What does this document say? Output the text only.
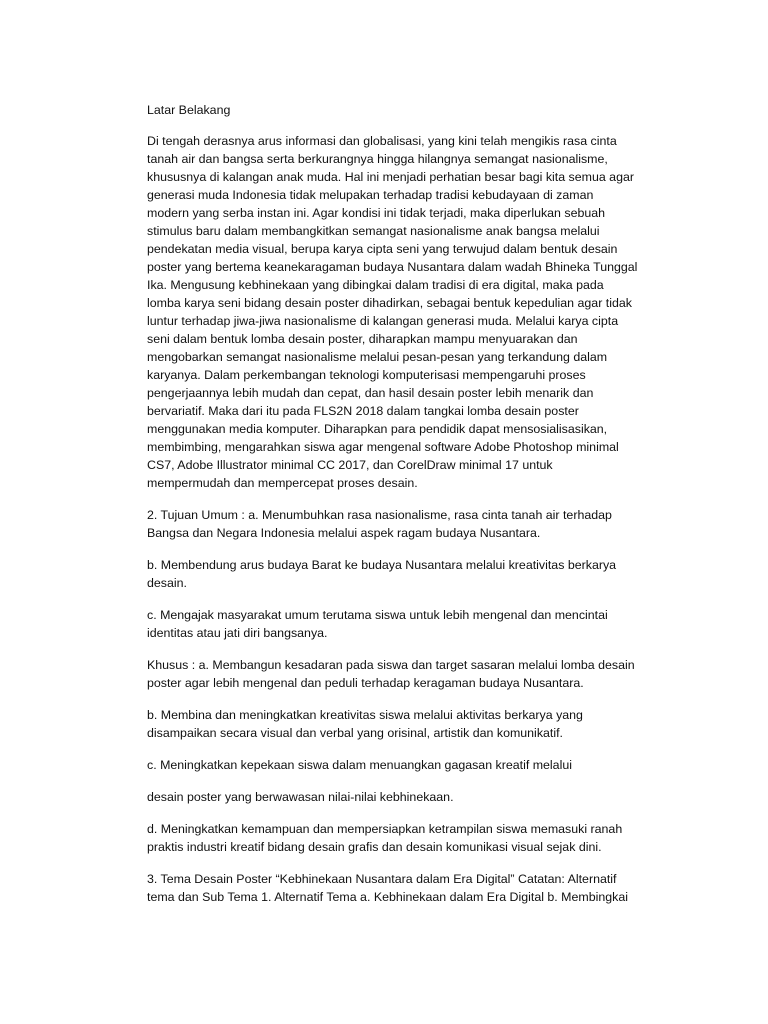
Latar Belakang

Di tengah derasnya arus informasi dan globalisasi, yang kini telah mengikis rasa cinta
tanah air dan bangsa serta berkurangnya hingga hilangnya semangat nasionalisme,
khususnya di kalangan anak muda. Hal ini menjadi perhatian besar bagi kita semua agar
generasi muda Indonesia tidak melupakan terhadap tradisi kebudayaan di zaman
modern yang serba instan ini. Agar kondisi ini tidak terjadi, maka diperlukan sebuah
stimulus baru dalam membangkitkan semangat nasionalisme anak bangsa melalui
pendekatan media visual, berupa karya cipta seni yang terwujud dalam bentuk desain
poster yang bertema keanekaragaman budaya Nusantara dalam wadah Bhineka Tunggal
Ika. Mengusung kebhinekaan yang dibingkai dalam tradisi di era digital, maka pada
lomba karya seni bidang desain poster dihadirkan, sebagai bentuk kepedulian agar tidak
luntur terhadap jiwa-jiwa nasionalisme di kalangan generasi muda. Melalui karya cipta
seni dalam bentuk lomba desain poster, diharapkan mampu menyuarakan dan
mengobarkan semangat nasionalisme melalui pesan-pesan yang terkandung dalam
karyanya. Dalam perkembangan teknologi komputerisasi mempengaruhi proses
pengerjaannya lebih mudah dan cepat, dan hasil desain poster lebih menarik dan
bervariatif. Maka dari itu pada FLS2N 2018 dalam tangkai lomba desain poster
menggunakan media komputer. Diharapkan para pendidik dapat mensosialisasikan,
membimbing, mengarahkan siswa agar mengenal software Adobe Photoshop minimal
CS7, Adobe Illustrator minimal CC 2017, dan CorelDraw minimal 17 untuk
mempermudah dan mempercepat proses desain.

2. Tujuan Umum : a. Menumbuhkan rasa nasionalisme, rasa cinta tanah air terhadap
Bangsa dan Negara Indonesia melalui aspek ragam budaya Nusantara.

b. Membendung arus budaya Barat ke budaya Nusantara melalui kreativitas berkarya
desain.

c. Mengajak masyarakat umum terutama siswa untuk lebih mengenal dan mencintai
identitas atau jati diri bangsanya.

Khusus : a. Membangun kesadaran pada siswa dan target sasaran melalui lomba desain
poster agar lebih mengenal dan peduli terhadap keragaman budaya Nusantara.

b. Membina dan meningkatkan kreativitas siswa melalui aktivitas berkarya yang
disampaikan secara visual dan verbal yang orisinal, artistik dan komunikatif.

c. Meningkatkan kepekaan siswa dalam menuangkan gagasan kreatif melalui

desain poster yang berwawasan nilai-nilai kebhinekaan.

d. Meningkatkan kemampuan dan mempersiapkan ketrampilan siswa memasuki ranah
praktis industri kreatif bidang desain grafis dan desain komunikasi visual sejak dini.

3. Tema Desain Poster “Kebhinekaan Nusantara dalam Era Digital” Catatan: Alternatif
tema dan Sub Tema 1. Alternatif Tema a. Kebhinekaan dalam Era Digital b. Membingkai
